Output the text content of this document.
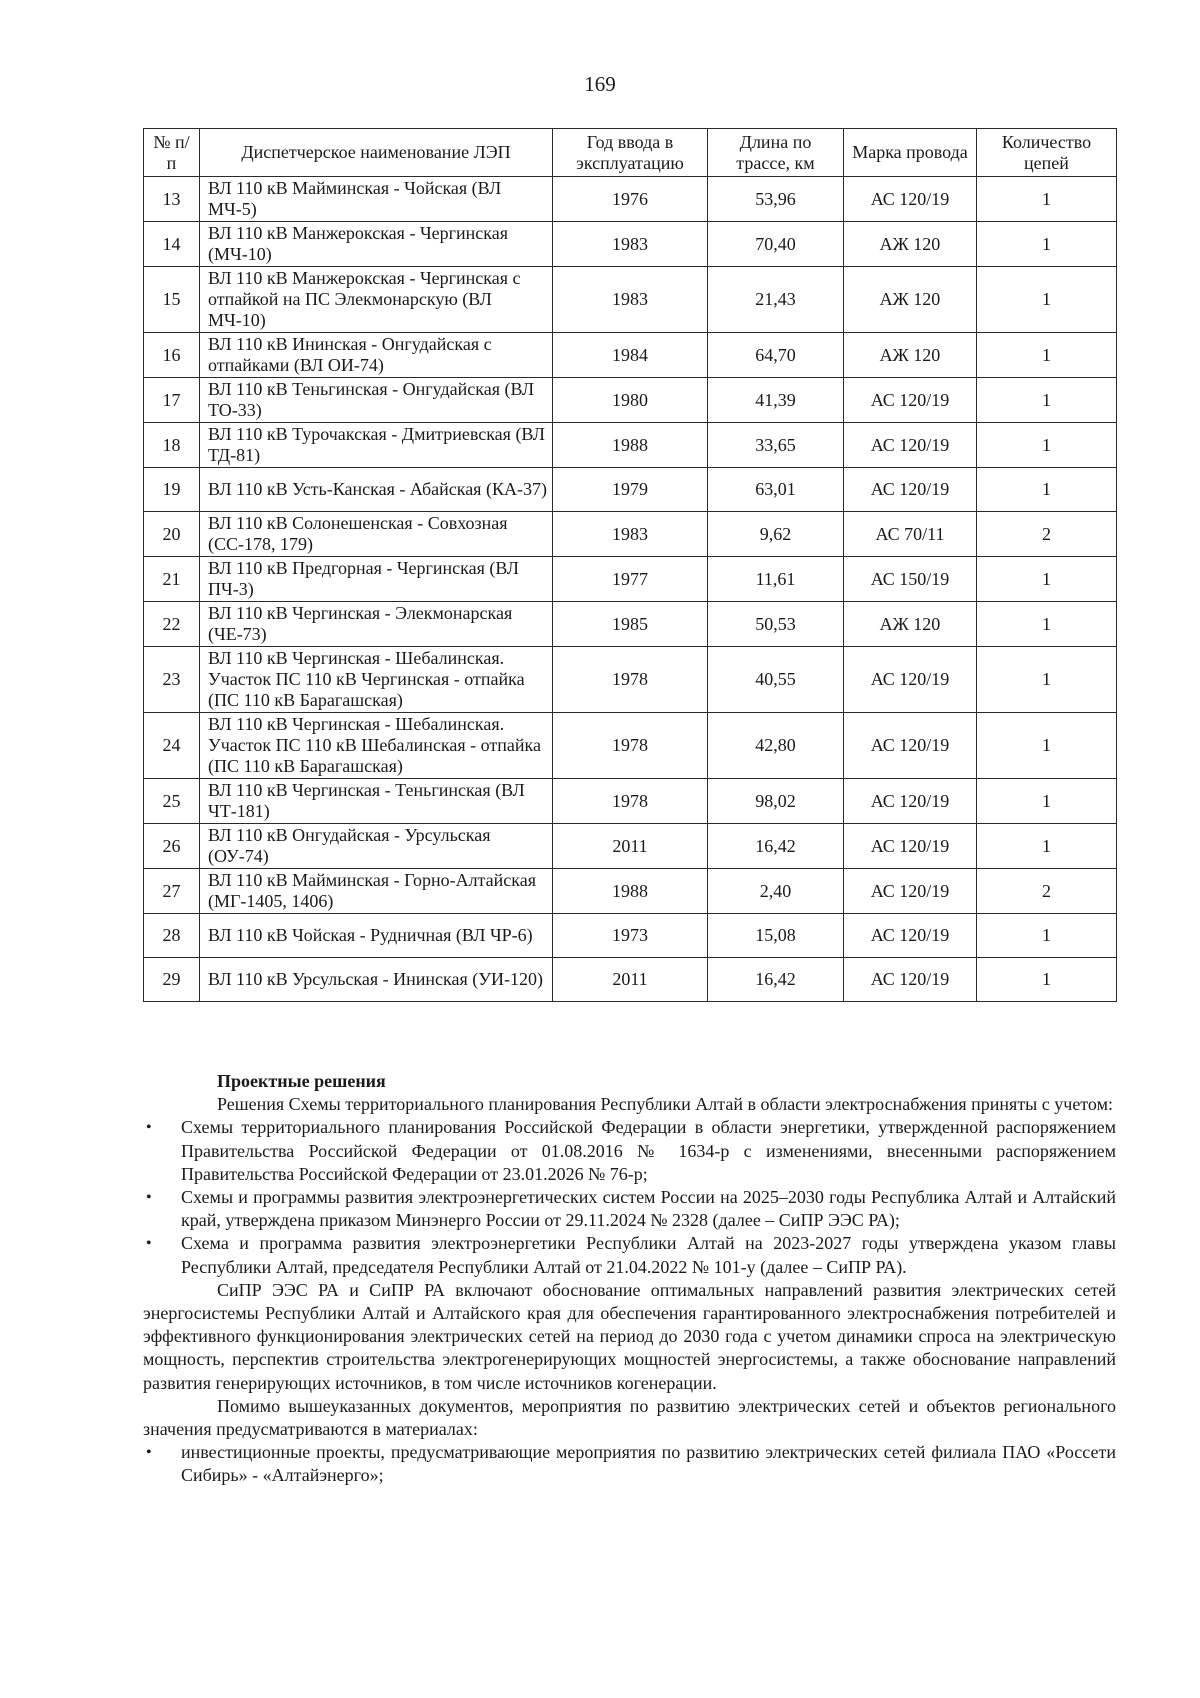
169
№ п/п	Диспетчерское наименование ЛЭП	Год ввода в эксплуатацию	Длина по трассе, км	Марка провода	Количество цепей
13	ВЛ 110 кВ Майминская - Чойская (ВЛ МЧ-5)	1976	53,96	АС 120/19	1
14	ВЛ 110 кВ Манжерокская - Чергинская (МЧ-10)	1983	70,40	АЖ 120	1
15	ВЛ 110 кВ Манжерокская - Чергинская с отпайкой на ПС Элекмонарскую (ВЛ МЧ-10)	1983	21,43	АЖ 120	1
16	ВЛ 110 кВ Ининская - Онгудайская с отпайками (ВЛ ОИ-74)	1984	64,70	АЖ 120	1
17	ВЛ 110 кВ Теньгинская - Онгудайская (ВЛ ТО-33)	1980	41,39	АС 120/19	1
18	ВЛ 110 кВ Турочакская - Дмитриевская (ВЛ ТД-81)	1988	33,65	АС 120/19	1
19	ВЛ 110 кВ Усть-Канская - Абайская (КА-37)	1979	63,01	АС 120/19	1
20	ВЛ 110 кВ Солонешенская - Совхозная (СС-178, 179)	1983	9,62	АС 70/11	2
21	ВЛ 110 кВ Предгорная - Чергинская (ВЛ ПЧ-3)	1977	11,61	АС 150/19	1
22	ВЛ 110 кВ Чергинская - Элекмонарская (ЧЕ-73)	1985	50,53	АЖ 120	1
23	ВЛ 110 кВ Чергинская - Шебалинская. Участок ПС 110 кВ Чергинская - отпайка (ПС 110 кВ Барагашская)	1978	40,55	АС 120/19	1
24	ВЛ 110 кВ Чергинская - Шебалинская. Участок ПС 110 кВ Шебалинская - отпайка (ПС 110 кВ Барагашская)	1978	42,80	АС 120/19	1
25	ВЛ 110 кВ Чергинская - Теньгинская (ВЛ ЧТ-181)	1978	98,02	АС 120/19	1
26	ВЛ 110 кВ Онгудайская - Урсульская (ОУ-74)	2011	16,42	АС 120/19	1
27	ВЛ 110 кВ Майминская - Горно-Алтайская (МГ-1405, 1406)	1988	2,40	АС 120/19	2
28	ВЛ 110 кВ Чойская - Рудничная (ВЛ ЧР-6)	1973	15,08	АС 120/19	1
29	ВЛ 110 кВ Урсульская - Ининская (УИ-120)	2011	16,42	АС 120/19	1

Проектные решения

Решения Схемы территориального планирования Республики Алтай в области электроснабжения приняты с учетом:

• Схемы территориального планирования Российской Федерации в области энергетики, утвержденной распоряжением Правительства Российской Федерации от 01.08.2016 № 1634-р с изменениями, внесенными распоряжением Правительства Российской Федерации от 23.01.2026 № 76-р;

• Схемы и программы развития электроэнергетических систем России на 2025–2030 годы Республика Алтай и Алтайский край, утверждена приказом Минэнерго России от 29.11.2024 № 2328 (далее – СиПР ЭЭС РА);

• Схема и программа развития электроэнергетики Республики Алтай на 2023-2027 годы утверждена указом главы Республики Алтай, председателя Республики Алтай от 21.04.2022 № 101-у (далее – СиПР РА).

СиПР ЭЭС РА и СиПР РА включают обоснование оптимальных направлений развития электрических сетей энергосистемы Республики Алтай и Алтайского края для обеспечения гарантированного электроснабжения потребителей и эффективного функционирования электрических сетей на период до 2030 года с учетом динамики спроса на электрическую мощность, перспектив строительства электрогенерирующих мощностей энергосистемы, а также обоснование направлений развития генерирующих источников, в том числе источников когенерации.

Помимо вышеуказанных документов, мероприятия по развитию электрических сетей и объектов регионального значения предусматриваются в материалах:

• инвестиционные проекты, предусматривающие мероприятия по развитию электрических сетей филиала ПАО «Россети Сибирь» - «Алтайэнерго»;
